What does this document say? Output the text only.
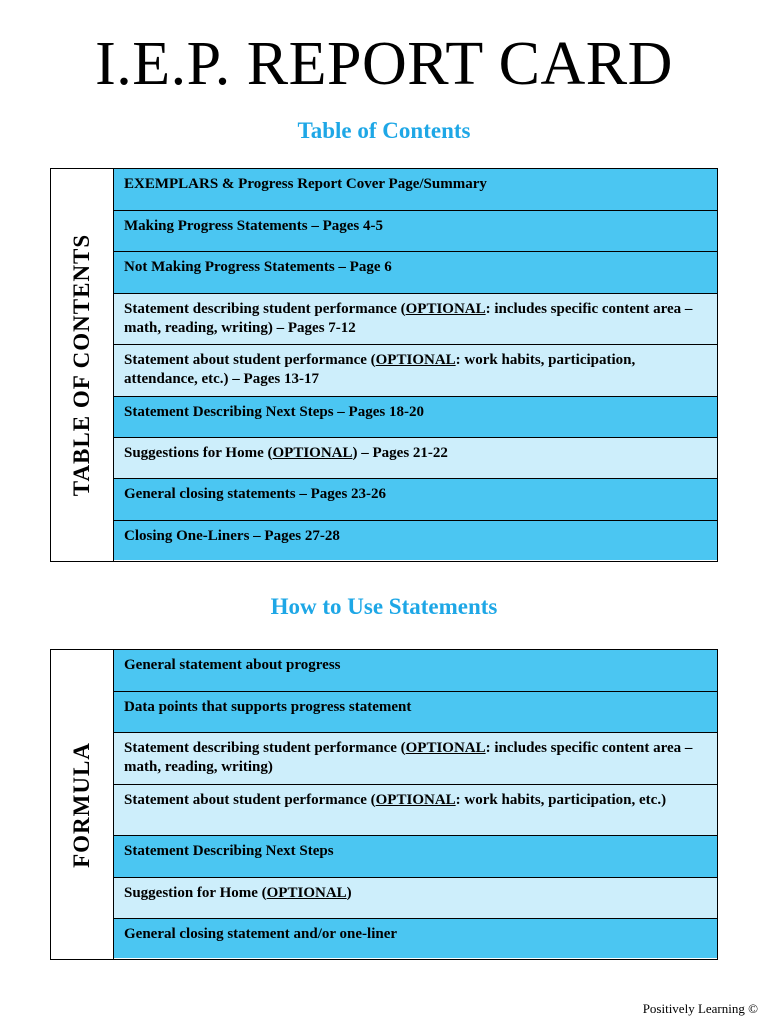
I.E.P. REPORT CARD
Table of Contents
TABLE OF CONTENTS
EXEMPLARS & Progress Report Cover Page/Summary
Making Progress Statements – Pages 4-5
Not Making Progress Statements – Page 6
Statement describing student performance (OPTIONAL: includes specific content area – math, reading, writing) – Pages 7-12
Statement about student performance (OPTIONAL: work habits, participation, attendance, etc.) – Pages 13-17
Statement Describing Next Steps – Pages 18-20
Suggestions for Home (OPTIONAL) – Pages 21-22
General closing statements – Pages 23-26
Closing One-Liners – Pages 27-28
How to Use Statements
FORMULA
General statement about progress
Data points that supports progress statement
Statement describing student performance (OPTIONAL: includes specific content area – math, reading, writing)
Statement about student performance (OPTIONAL: work habits, participation, etc.)
Statement Describing Next Steps
Suggestion for Home (OPTIONAL)
General closing statement and/or one-liner
Positively Learning ©
